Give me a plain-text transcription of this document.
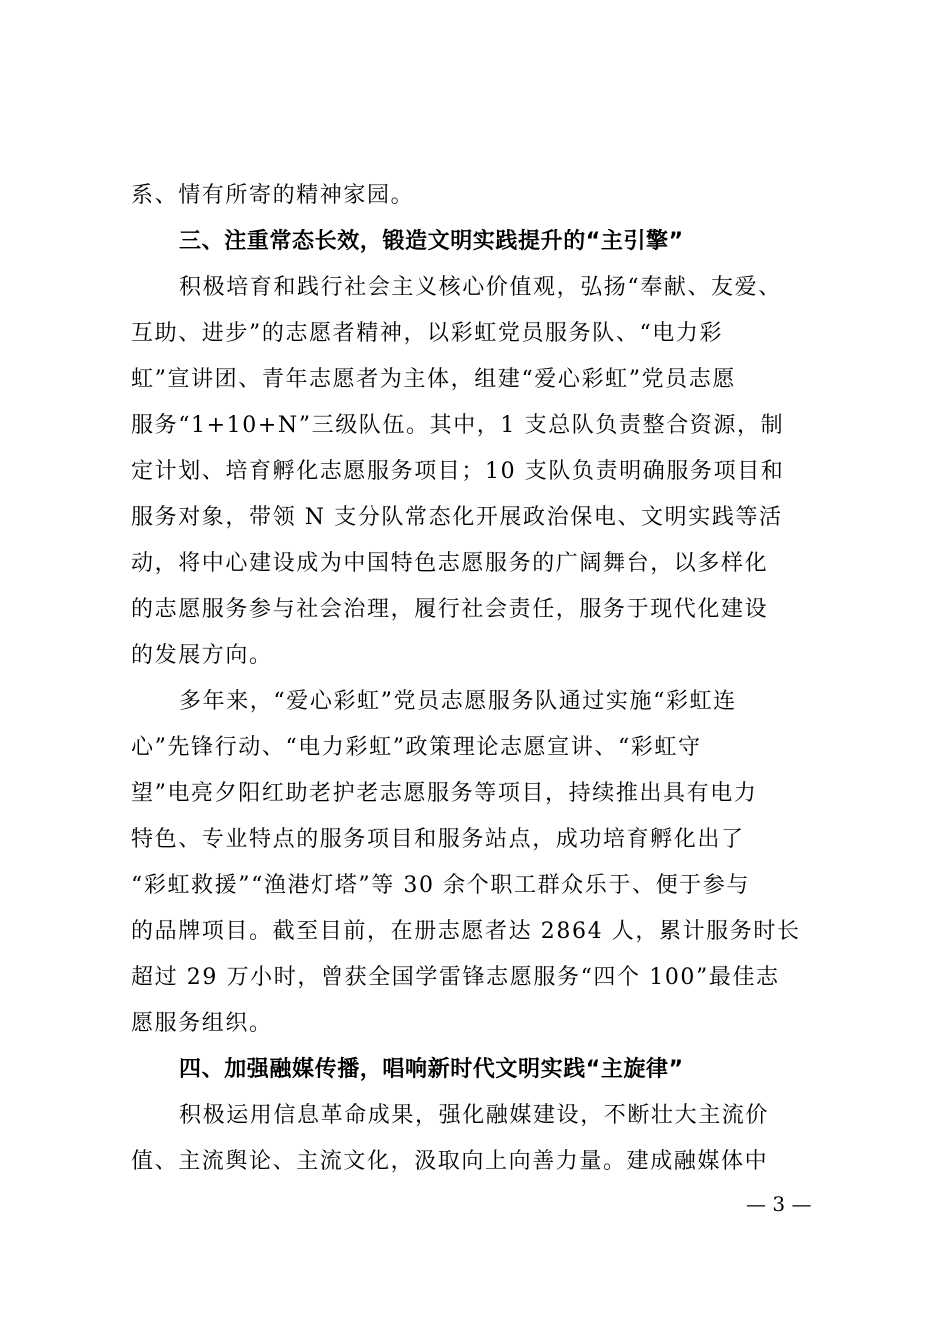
系、情有所寄的精神家园。
三、注重常态长效，锻造文明实践提升的“主引擎”
积极培育和践行社会主义核心价值观，弘扬“奉献、友爱、
互助、进步”的志愿者精神，以彩虹党员服务队、“电力彩
虹”宣讲团、青年志愿者为主体，组建“爱心彩虹”党员志愿
服务“1+10+N”三级队伍。其中，1 支总队负责整合资源，制
定计划、培育孵化志愿服务项目；10 支队负责明确服务项目和
服务对象，带领 N 支分队常态化开展政治保电、文明实践等活
动，将中心建设成为中国特色志愿服务的广阔舞台，以多样化
的志愿服务参与社会治理，履行社会责任，服务于现代化建设
的发展方向。
多年来，“爱心彩虹”党员志愿服务队通过实施“彩虹连
心”先锋行动、“电力彩虹”政策理论志愿宣讲、“彩虹守
望”电亮夕阳红助老护老志愿服务等项目，持续推出具有电力
特色、专业特点的服务项目和服务站点，成功培育孵化出了
“彩虹救援”“渔港灯塔”等 30 余个职工群众乐于、便于参与
的品牌项目。截至目前，在册志愿者达 2864 人，累计服务时长
超过 29 万小时，曾获全国学雷锋志愿服务“四个 100”最佳志
愿服务组织。
四、加强融媒传播，唱响新时代文明实践“主旋律”
积极运用信息革命成果，强化融媒建设，不断壮大主流价
值、主流舆论、主流文化，汲取向上向善力量。建成融媒体中
— 3 —
